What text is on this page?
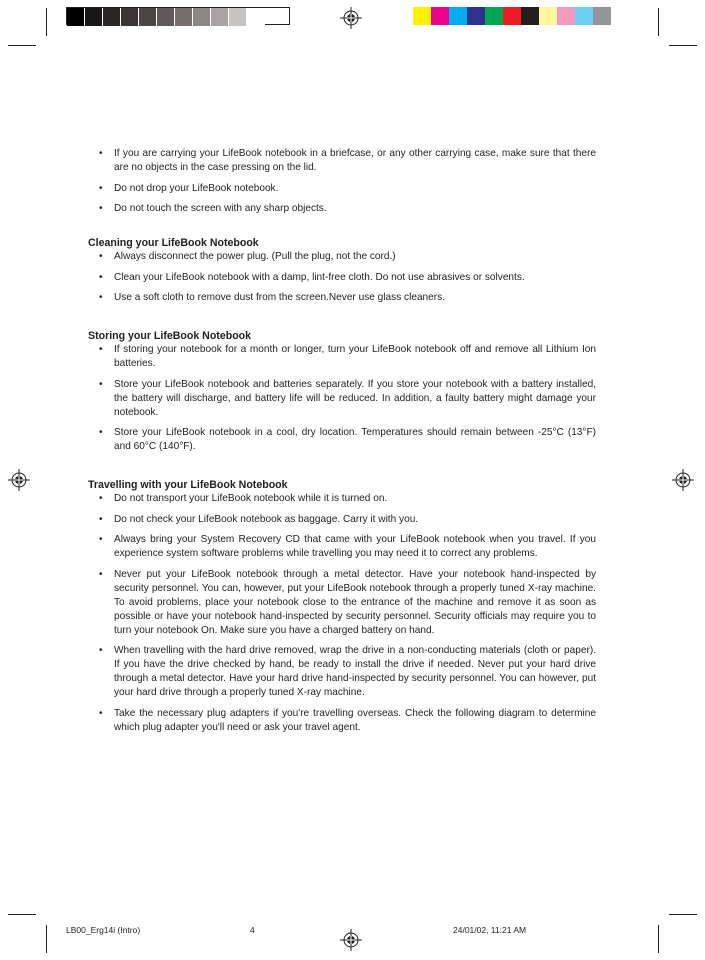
• If you are carrying your LifeBook notebook in a briefcase, or any other carrying case, make sure that there are no objects in the case pressing on the lid.
• Do not drop your LifeBook notebook.
• Do not touch the screen with any sharp objects.
Cleaning your LifeBook Notebook
• Always disconnect the power plug. (Pull the plug, not the cord.)
• Clean your LifeBook notebook with a damp, lint-free cloth. Do not use abrasives or solvents.
• Use a soft cloth to remove dust from the screen.Never use glass cleaners.
Storing your LifeBook Notebook
• If storing your notebook for a month or longer, turn your LifeBook notebook off and remove all Lithium Ion batteries.
• Store your LifeBook notebook and batteries separately. If you store your notebook with a battery installed, the battery will discharge, and battery life will be reduced. In addition, a faulty battery might damage your notebook.
• Store your LifeBook notebook in a cool, dry location. Temperatures should remain between -25°C (13°F) and 60°C (140°F).
Travelling with your LifeBook Notebook
• Do not transport your LifeBook notebook while it is turned on.
• Do not check your LifeBook notebook as baggage. Carry it with you.
• Always bring your System Recovery CD that came with your LifeBook notebook when you travel. If you experience system software problems while travelling you may need it to correct any problems.
• Never put your LifeBook notebook through a metal detector. Have your notebook hand-inspected by security personnel. You can, however, put your LifeBook notebook through a properly tuned X-ray machine. To avoid problems, place your notebook close to the entrance of the machine and remove it as soon as possible or have your notebook hand-inspected by security personnel. Security officials may require you to turn your notebook On. Make sure you have a charged battery on hand.
• When travelling with the hard drive removed, wrap the drive in a non-conducting materials (cloth or paper). If you have the drive checked by hand, be ready to install the drive if needed. Never put your hard drive through a metal detector. Have your hard drive hand-inspected by security personnel. You can however, put your hard drive through a properly tuned X-ray machine.
• Take the necessary plug adapters if you're travelling overseas. Check the following diagram to determine which plug adapter you'll need or ask your travel agent.
LB00_Erg14i (Intro)	4	24/01/02, 11:21 AM
